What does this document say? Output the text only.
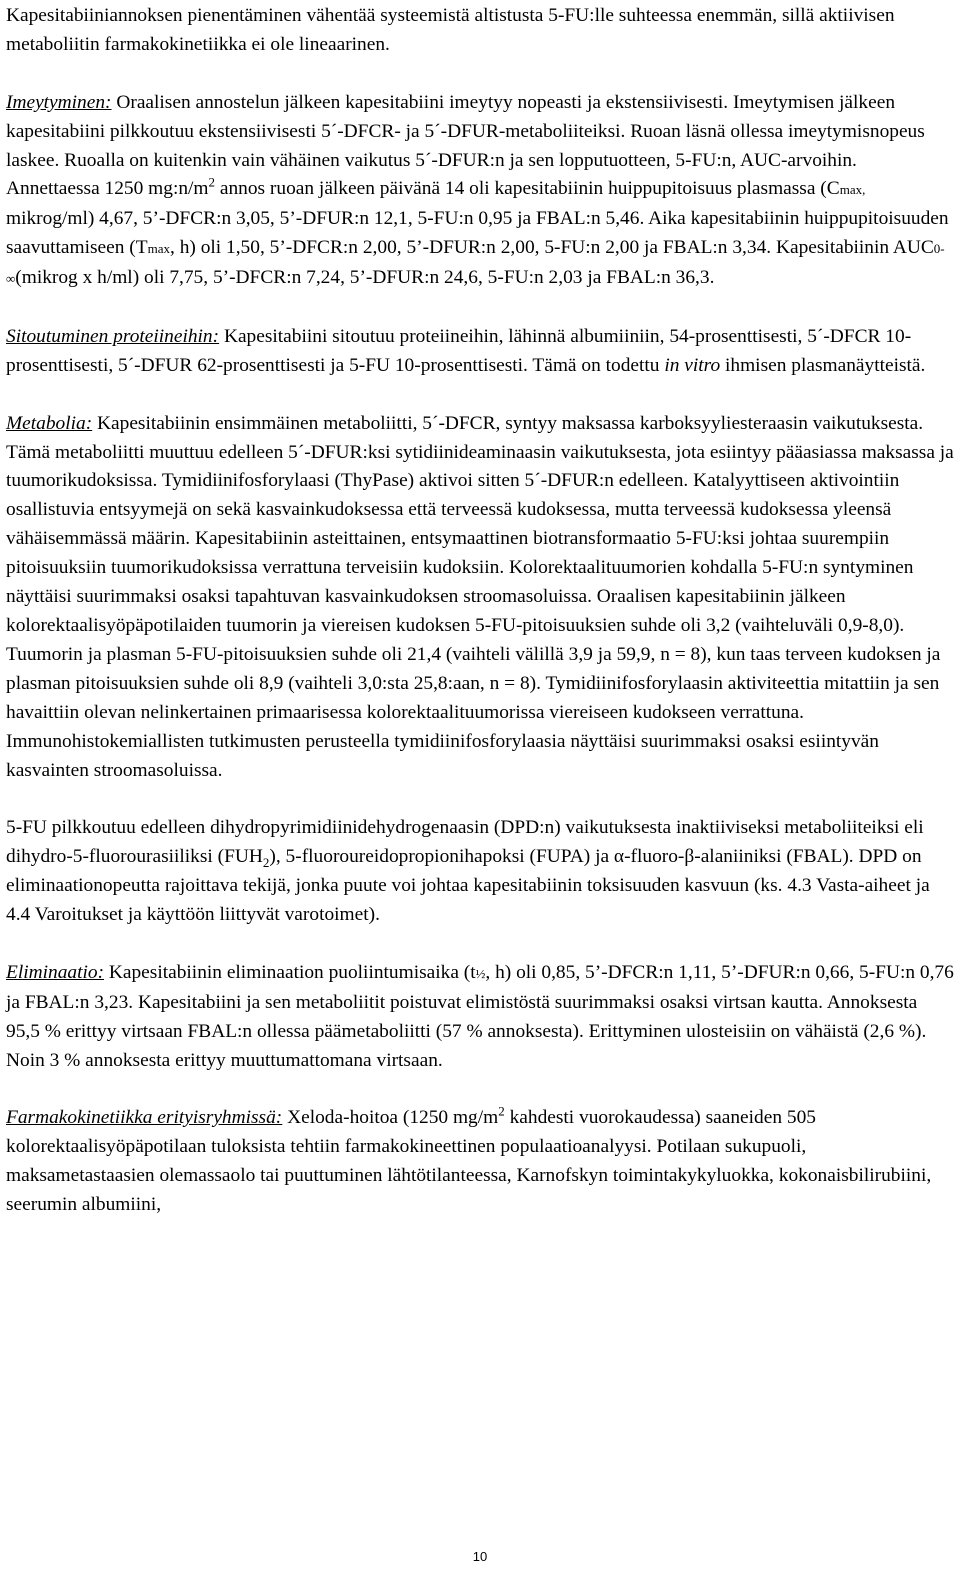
Kapesitabiiniannoksen pienentäminen vähentää systeemistä altistusta 5-FU:lle suhteessa enemmän, sillä aktiivisen metaboliitin farmakokinetiikka ei ole lineaarinen.

Imeytyminen: Oraalisen annostelun jälkeen kapesitabiini imeytyy nopeasti ja ekstensiivisesti. Imeytymisen jälkeen kapesitabiini pilkkoutuu ekstensiivisesti 5´-DFCR- ja 5´-DFUR-metaboliiteiksi. Ruoan läsnä ollessa imeytymisnopeus laskee. Ruoalla on kuitenkin vain vähäinen vaikutus 5´-DFUR:n ja sen lopputuotteen, 5-FU:n, AUC-arvoihin. Annettaessa 1250 $mg:n/m^2$ annos ruoan jälkeen päivänä 14 oli kapesitabiinin huippupitoisuus plasmassa (Cmax, mikrog/ml) 4,67, 5’-DFCR:n 3,05, 5’-DFUR:n 12,1, 5-FU:n 0,95 ja FBAL:n 5,46. Aika kapesitabiinin huippupitoisuuden saavuttamiseen (Tmax, h) oli 1,50, 5’-DFCR:n 2,00, 5’-DFUR:n 2,00, 5-FU:n 2,00 ja FBAL:n 3,34. Kapesitabiinin AUC0-∞(mikrog x h/ml) oli 7,75, 5’-DFCR:n 7,24, 5’-DFUR:n 24,6, 5-FU:n 2,03 ja FBAL:n 36,3.

Sitoutuminen proteiineihin: Kapesitabiini sitoutuu proteiineihin, lähinnä albumiiniin, 54-prosenttisesti, 5´-DFCR 10-prosenttisesti, 5´-DFUR 62-prosenttisesti ja 5-FU 10-prosenttisesti. Tämä on todettu in vitro ihmisen plasmanäytteistä.

Metabolia: Kapesitabiinin ensimmäinen metaboliitti, 5´-DFCR, syntyy maksassa karboksyyliesteraasin vaikutuksesta. Tämä metaboliitti muuttuu edelleen 5´-DFUR:ksi sytidiinideaminaasin vaikutuksesta, jota esiintyy pääasiassa maksassa ja tuumorikudoksissa. Tymidiinifosforylaasi (ThyPase) aktivoi sitten 5´-DFUR:n edelleen. Katalyyttiseen aktivointiin osallistuvia entsyymejä on sekä kasvainkudoksessa että terveessä kudoksessa, mutta terveessä kudoksessa yleensä vähäisemmässä määrin. Kapesitabiinin asteittainen, entsymaattinen biotransformaatio 5-FU:ksi johtaa suurempiin pitoisuuksiin tuumorikudoksissa verrattuna terveisiin kudoksiin. Kolorektaalituumorien kohdalla 5-FU:n syntyminen näyttäisi suurimmaksi osaksi tapahtuvan kasvainkudoksen stroomasoluissa. Oraalisen kapesitabiinin jälkeen kolorektaalisyöpäpotilaiden tuumorin ja viereisen kudoksen 5-FU-pitoisuuksien suhde oli 3,2 (vaihteluväli 0,9-8,0). Tuumorin ja plasman 5-FU-pitoisuuksien suhde oli 21,4 (vaihteli välillä 3,9 ja 59,9, n = 8), kun taas terveen kudoksen ja plasman pitoisuuksien suhde oli 8,9 (vaihteli 3,0:sta 25,8:aan, n = 8). Tymidiinifosforylaasin aktiviteettia mitattiin ja sen havaittiin olevan nelinkertainen primaarisessa kolorektaalituumorissa viereiseen kudokseen verrattuna. Immunohistokemiallisten tutkimusten perusteella tymidiinifosforylaasia näyttäisi suurimmaksi osaksi esiintyvän kasvainten stroomasoluissa.

5-FU pilkkoutuu edelleen dihydropyrimidiinidehydrogenaasin (DPD:n) vaikutuksesta inaktiiviseksi metaboliiteiksi eli dihydro-5-fluorourasiiliksi $(FUH_2)$, 5-fluoroureidopropionihapoksi (FUPA) ja α-fluoro-β-alaniiniksi (FBAL). DPD on eliminaationopeutta rajoittava tekijä, jonka puute voi johtaa kapesitabiinin toksisuuden kasvuun (ks. 4.3 Vasta-aiheet ja 4.4 Varoitukset ja käyttöön liittyvät varotoimet).

Eliminaatio: Kapesitabiinin eliminaation puoliintumisaika (t½, h) oli 0,85, 5’-DFCR:n 1,11, 5’-DFUR:n 0,66, 5-FU:n 0,76 ja FBAL:n 3,23. Kapesitabiini ja sen metaboliitit poistuvat elimistöstä suurimmaksi osaksi virtsan kautta. Annoksesta 95,5 % erittyy virtsaan FBAL:n ollessa päämetaboliitti (57 % annoksesta). Erittyminen ulosteisiin on vähäistä (2,6 %). Noin 3 % annoksesta erittyy muuttumattomana virtsaan.

Farmakokinetiikka erityisryhmissä: Xeloda-hoitoa (1250 $mg/m^2$ kahdesti vuorokaudessa) saaneiden 505 kolorektaalisyöpäpotilaan tuloksista tehtiin farmakokineettinen populaatioanalyysi. Potilaan sukupuoli, maksametastaasien olemassaolo tai puuttuminen lähtötilanteessa, Karnofskyn toimintakykyluokka, kokonaisbilirubiini, seerumin albumiini,

10
